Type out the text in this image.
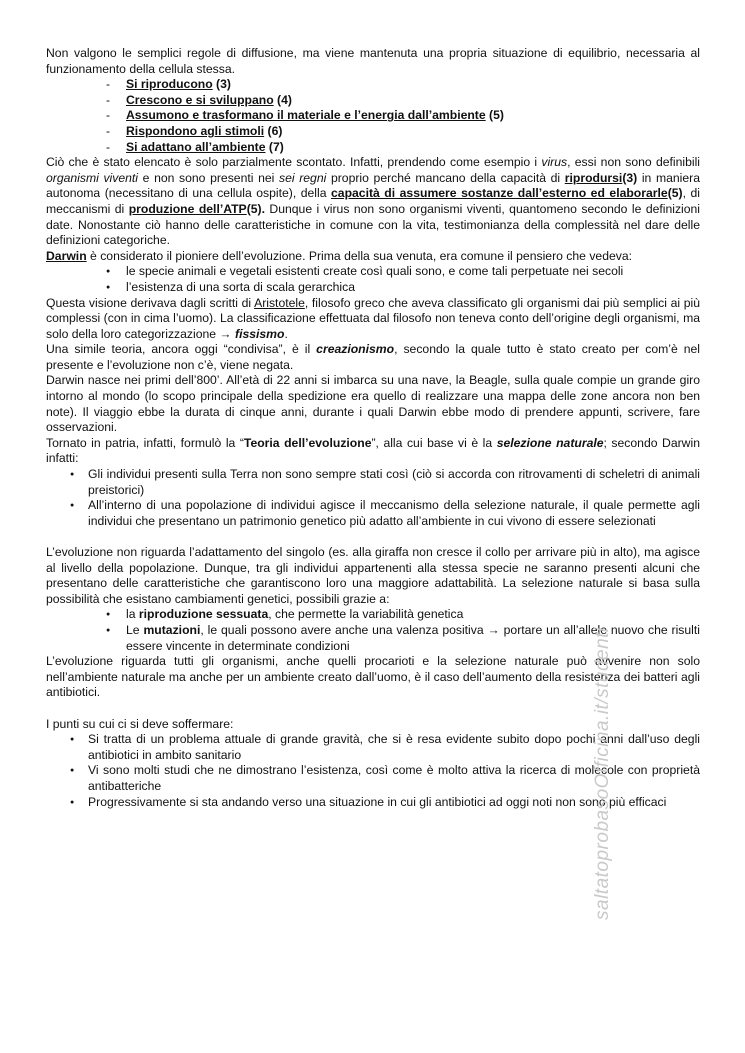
Non valgono le semplici regole di diffusione, ma viene mantenuta una propria situazione di equilibrio, necessaria al funzionamento della cellula stessa.

- Si riproducono (3)
- Crescono e si sviluppano (4)
- Assumono e trasformano il materiale e l’energia dall’ambiente (5)
- Rispondono agli stimoli (6)
- Si adattano all’ambiente (7)

Ciò che è stato elencato è solo parzialmente scontato. Infatti, prendendo come esempio i virus, essi non sono definibili organismi viventi e non sono presenti nei sei regni proprio perché mancano della capacità di riprodursi(3) in maniera autonoma (necessitano di una cellula ospite), della capacità di assumere sostanze dall’esterno ed elaborarle(5), di meccanismi di produzione dell’ATP(5). Dunque i virus non sono organismi viventi, quantomeno secondo le definizioni date. Nonostante ciò hanno delle caratteristiche in comune con la vita, testimonianza della complessità nel dare delle definizioni categoriche.

Darwin è considerato il pioniere dell’evoluzione. Prima della sua venuta, era comune il pensiero che vedeva:

● le specie animali e vegetali esistenti create così quali sono, e come tali perpetuate nei secoli
● l’esistenza di una sorta di scala gerarchica

Questa visione derivava dagli scritti di Aristotele, filosofo greco che aveva classificato gli organismi dai più semplici ai più complessi (con in cima l’uomo). La classificazione effettuata dal filosofo non teneva conto dell’origine degli organismi, ma solo della loro categorizzazione → fissismo.

Una simile teoria, ancora oggi “condivisa”, è il creazionismo, secondo la quale tutto è stato creato per com’è nel presente e l’evoluzione non c’è, viene negata.

Darwin nasce nei primi dell’800’. All’età di 22 anni si imbarca su una nave, la Beagle, sulla quale compie un grande giro intorno al mondo (lo scopo principale della spedizione era quello di realizzare una mappa delle zone ancora non ben note). Il viaggio ebbe la durata di cinque anni, durante i quali Darwin ebbe modo di prendere appunti, scrivere, fare osservazioni.

Tornato in patria, infatti, formulò la “Teoria dell’evoluzione”, alla cui base vi è la selezione naturale; secondo Darwin infatti:

● Gli individui presenti sulla Terra non sono sempre stati così (ciò si accorda con ritrovamenti di scheletri di animali preistorici)
● All’interno di una popolazione di individui agisce il meccanismo della selezione naturale, il quale permette agli individui che presentano un patrimonio genetico più adatto all’ambiente in cui vivono di essere selezionati

L’evoluzione non riguarda l’adattamento del singolo (es. alla giraffa non cresce il collo per arrivare più in alto), ma agisce al livello della popolazione. Dunque, tra gli individui appartenenti alla stessa specie ne saranno presenti alcuni che presentano delle caratteristiche che garantiscono loro una maggiore adattabilità. La selezione naturale si basa sulla possibilità che esistano cambiamenti genetici, possibili grazie a:

● la riproduzione sessuata, che permette la variabilità genetica
● Le mutazioni, le quali possono avere anche una valenza positiva → portare un all’allele nuovo che risulti essere vincente in determinate condizioni

L’evoluzione riguarda tutti gli organismi, anche quelli procarioti e la selezione naturale può avvenire non solo nell’ambiente naturale ma anche per un ambiente creato dall’uomo, è il caso dell’aumento della resistenza dei batteri agli antibiotici.

I punti su cui ci si deve soffermare:

● Si tratta di un problema attuale di grande gravità, che si è resa evidente subito dopo pochi anni dall’uso degli antibiotici in ambito sanitario
● Vi sono molti studi che ne dimostrano l’esistenza, così come è molto attiva la ricerca di molecole con proprietà antibatteriche
● Progressivamente si sta andando verso una situazione in cui gli antibiotici ad oggi noti non sono più efficaci
saltatoprobasoOfficina.it/studenti
